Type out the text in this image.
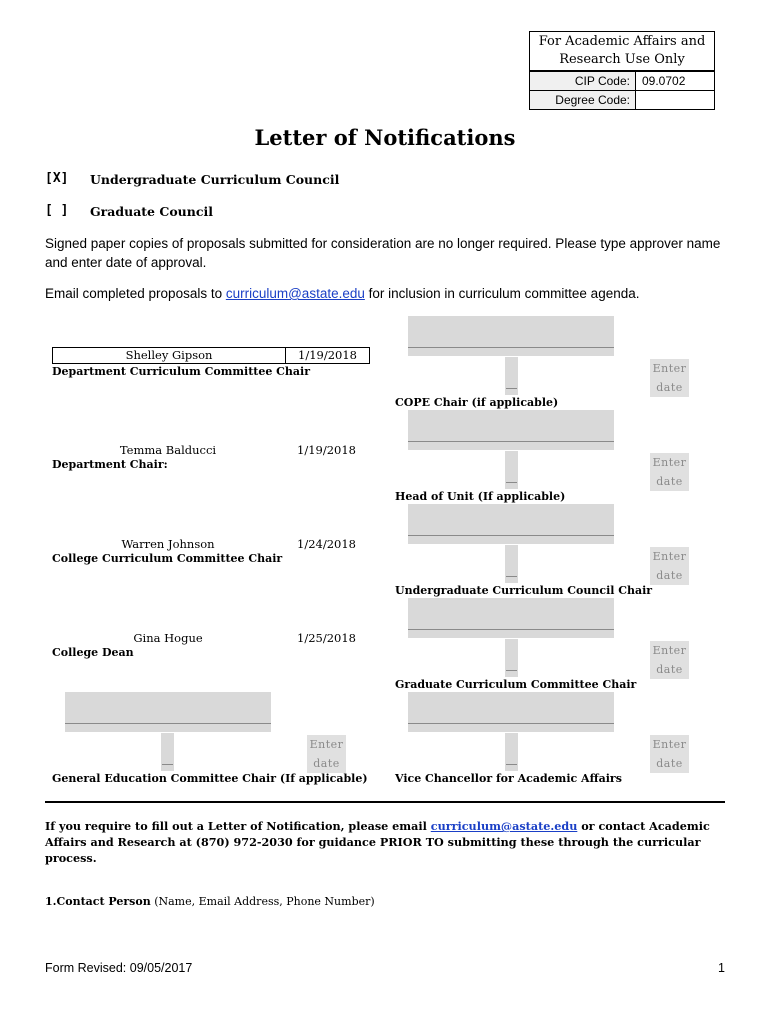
For Academic Affairs and Research Use Only
CIP Code:	09.0702
Degree Code:
Letter of Notifications
[X] Undergraduate Curriculum Council
[ ] Graduate Council
Signed paper copies of proposals submitted for consideration are no longer required. Please type approver name and enter date of approval.
Email completed proposals to curriculum@astate.edu for inclusion in curriculum committee agenda.
Shelley Gipson	1/19/2018
Department Curriculum Committee Chair
Temma Balducci	1/19/2018
Department Chair:
Warren Johnson	1/24/2018
College Curriculum Committee Chair
Gina Hogue	1/25/2018
College Dean
Enter
date
General Education Committee Chair (If applicable)
Enter
date
COPE Chair (if applicable)
Enter
date
Head of Unit (If applicable)
Enter
date
Undergraduate Curriculum Council Chair
Enter
date
Graduate Curriculum Committee Chair
Enter
date
Vice Chancellor for Academic Affairs
If you require to fill out a Letter of Notification, please email curriculum@astate.edu or contact Academic Affairs and Research at (870) 972-2030 for guidance PRIOR TO submitting these through the curricular process.
1.Contact Person (Name, Email Address, Phone Number)
Form Revised: 09/05/2017	1
